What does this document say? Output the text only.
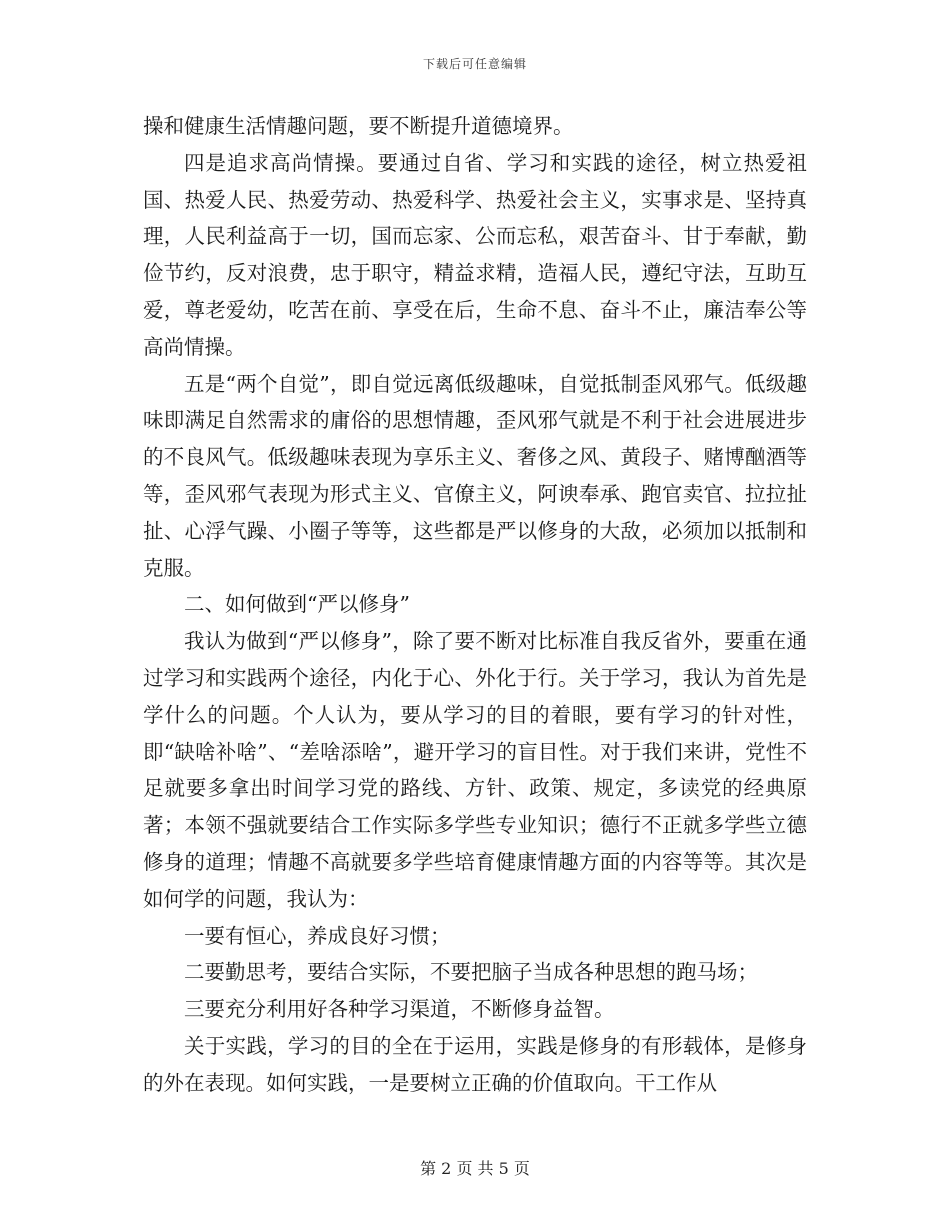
下载后可任意编辑

操和健康生活情趣问题，要不断提升道德境界。

四是追求高尚情操。要通过自省、学习和实践的途径，树立热爱祖国、热爱人民、热爱劳动、热爱科学、热爱社会主义，实事求是、坚持真理，人民利益高于一切，国而忘家、公而忘私，艰苦奋斗、甘于奉献，勤俭节约，反对浪费，忠于职守，精益求精，造福人民，遵纪守法，互助互爱，尊老爱幼，吃苦在前、享受在后，生命不息、奋斗不止，廉洁奉公等高尚情操。

五是“两个自觉”，即自觉远离低级趣味，自觉抵制歪风邪气。低级趣味即满足自然需求的庸俗的思想情趣，歪风邪气就是不利于社会进展进步的不良风气。低级趣味表现为享乐主义、奢侈之风、黄段子、赌博酗酒等等，歪风邪气表现为形式主义、官僚主义，阿谀奉承、跑官卖官、拉拉扯扯、心浮气躁、小圈子等等，这些都是严以修身的大敌，必须加以抵制和克服。

二、如何做到“严以修身”

我认为做到“严以修身”，除了要不断对比标准自我反省外，要重在通过学习和实践两个途径，内化于心、外化于行。关于学习，我认为首先是学什么的问题。个人认为，要从学习的目的着眼，要有学习的针对性，即“缺啥补啥”、“差啥添啥”，避开学习的盲目性。对于我们来讲，党性不足就要多拿出时间学习党的路线、方针、政策、规定，多读党的经典原著；本领不强就要结合工作实际多学些专业知识；德行不正就多学些立德修身的道理；情趣不高就要多学些培育健康情趣方面的内容等等。其次是如何学的问题，我认为：

一要有恒心，养成良好习惯；

二要勤思考，要结合实际，不要把脑子当成各种思想的跑马场；

三要充分利用好各种学习渠道，不断修身益智。

关于实践，学习的目的全在于运用，实践是修身的有形载体，是修身的外在表现。如何实践，一是要树立正确的价值取向。干工作从

第 2 页 共 5 页
